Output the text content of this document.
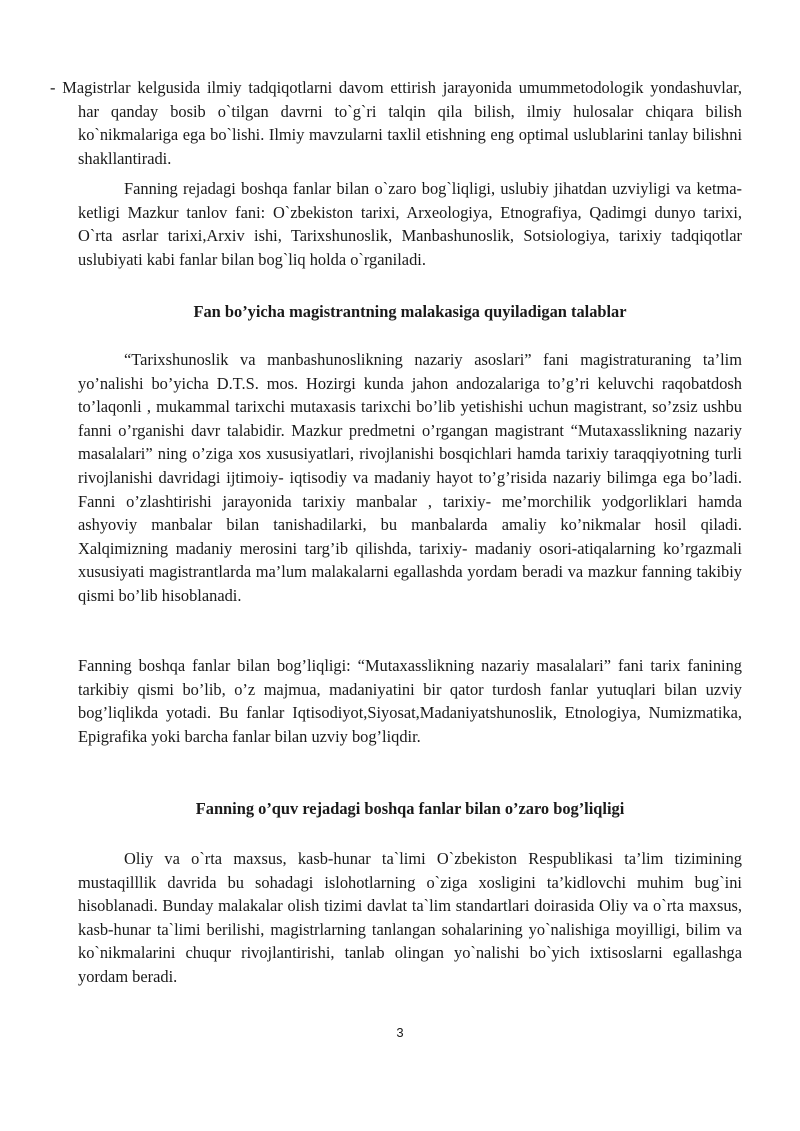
- Magistrlar kelgusida ilmiy tadqiqotlarni davom ettirish jarayonida umummetodologik yondashuvlar, har qanday bosib o`tilgan davrni to`g`ri talqin qila bilish, ilmiy hulosalar chiqara bilish ko`nikmalariga ega bo`lishi. Ilmiy mavzularni taxlil etishning eng optimal uslublarini tanlay bilishni shakllantiradi.

Fanning rejadagi boshqa fanlar bilan o`zaro bog`liqligi, uslubiy jihatdan uzviyligi va ketma-ketligi Mazkur tanlov fani: O`zbekiston tarixi, Arxeologiya, Etnografiya, Qadimgi dunyo tarixi, O`rta asrlar tarixi,Arxiv ishi, Tarixshunoslik, Manbashunoslik, Sotsiologiya, tarixiy tadqiqotlar uslubiyati kabi fanlar bilan bog`liq holda o`rganiladi.

Fan bo’yicha magistrantning malakasiga quyiladigan talablar

“Tarixshunoslik va manbashunoslikning nazariy asoslari” fani magistraturaning ta’lim yo’nalishi bo’yicha D.T.S. mos. Hozirgi kunda jahon andozalariga to’g’ri keluvchi raqobatdosh to’laqonli , mukammal tarixchi mutaxasis tarixchi bo’lib yetishishi uchun magistrant, so’zsiz ushbu fanni o’rganishi davr talabidir. Mazkur predmetni o’rgangan magistrant “Mutaxasslikning nazariy masalalari” ning o’ziga xos xususiyatlari, rivojlanishi bosqichlari hamda tarixiy taraqqiyotning turli rivojlanishi davridagi ijtimoiy- iqtisodiy va madaniy hayot to’g’risida nazariy bilimga ega bo’ladi. Fanni o’zlashtirishi jarayonida tarixiy manbalar , tarixiy- me’morchilik yodgorliklari hamda ashyoviy manbalar bilan tanishadilarki, bu manbalarda amaliy ko’nikmalar hosil qiladi. Xalqimizning madaniy merosini targ’ib qilishda, tarixiy- madaniy osori-atiqalarning ko’rgazmali xususiyati magistrantlarda ma’lum malakalarni egallashda yordam beradi va mazkur fanning takibiy qismi bo’lib hisoblanadi.

Fanning boshqa fanlar bilan bog’liqligi: “Mutaxasslikning nazariy masalalari” fani tarix fanining tarkibiy qismi bo’lib, o’z majmua, madaniyatini bir qator turdosh fanlar yutuqlari bilan uzviy bog’liqlikda yotadi. Bu fanlar Iqtisodiyot,Siyosat,Madaniyatshunoslik, Etnologiya, Numizmatika, Epigrafika yoki barcha fanlar bilan uzviy bog’liqdir.

Fanning o’quv rejadagi boshqa fanlar bilan o’zaro bog’liqligi

Oliy va o`rta maxsus, kasb-hunar ta`limi O`zbekiston Respublikasi ta’lim tizimining mustaqilllik davrida bu sohadagi islohotlarning o`ziga xosligini ta’kidlovchi muhim bug`ini hisoblanadi. Bunday malakalar olish tizimi davlat ta`lim standartlari doirasida Oliy va o`rta maxsus, kasb-hunar ta`limi berilishi, magistrlarning tanlangan sohalarining yo`nalishiga moyilligi, bilim va ko`nikmalarini chuqur rivojlantirishi, tanlab olingan yo`nalishi bo`yich ixtisoslarni egallashga yordam beradi.

3
